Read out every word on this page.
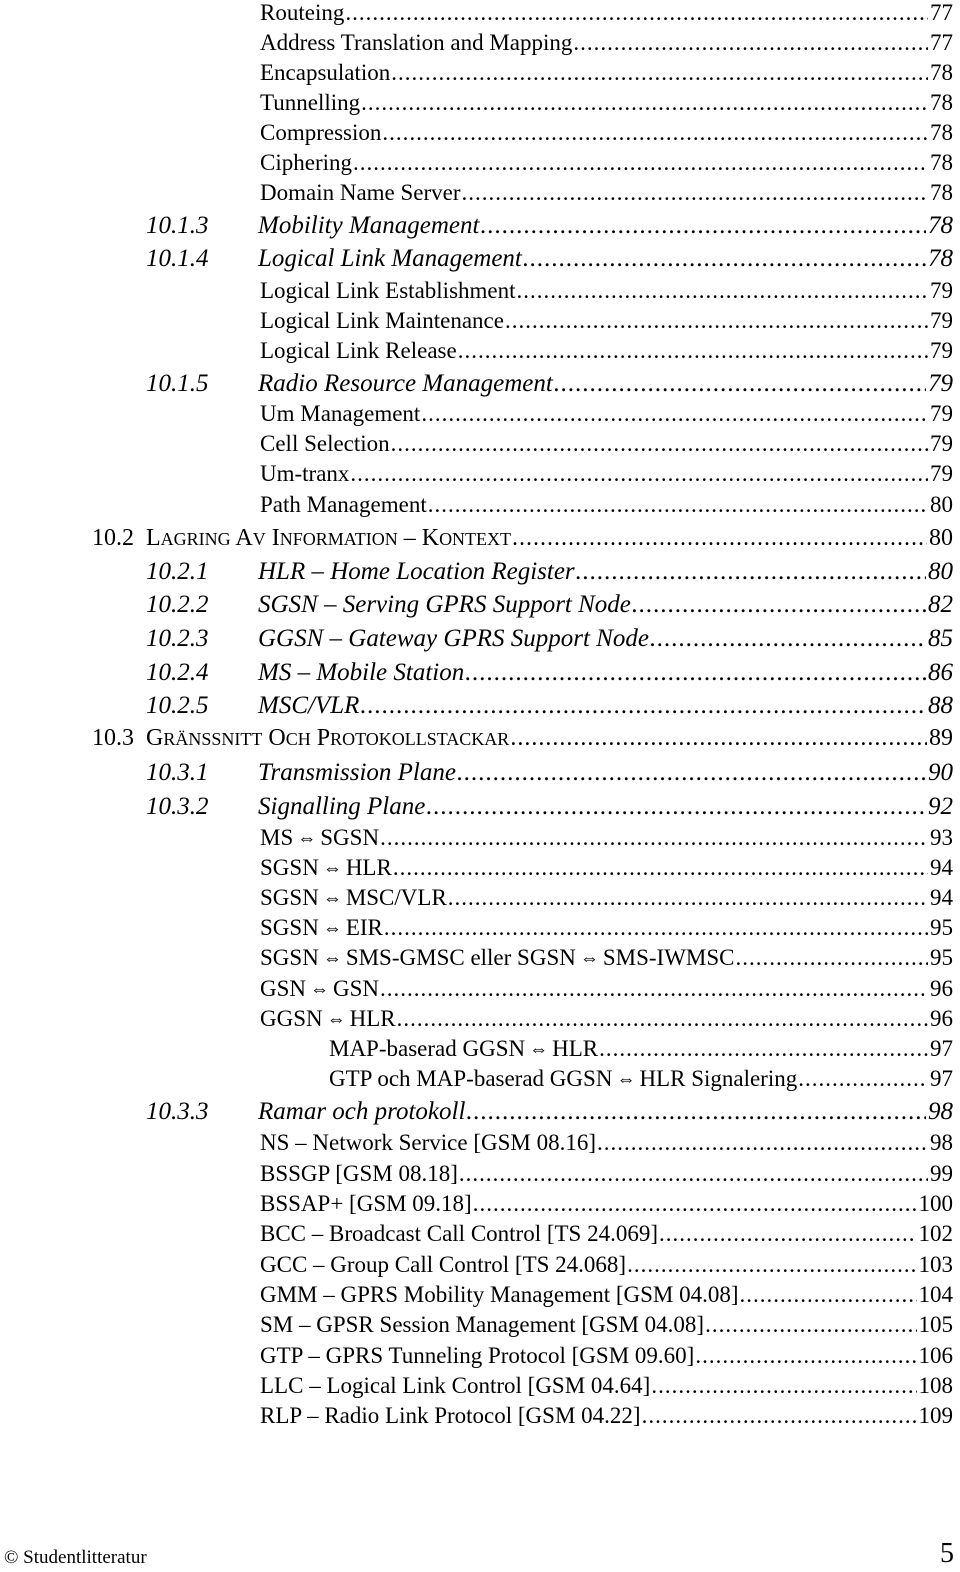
Routeing .....	77
Address Translation and Mapping .....	77
Encapsulation .....	78
Tunnelling .....	78
Compression .....	78
Ciphering .....	78
Domain Name Server .....	78
10.1.3 Mobility Management .....	78
10.1.4 Logical Link Management .....	78
Logical Link Establishment .....	79
Logical Link Maintenance .....	79
Logical Link Release .....	79
10.1.5 Radio Resource Management .....	79
Um Management .....	79
Cell Selection .....	79
Um-tranx .....	79
Path Management .....	80
10.2 LAGRING AV INFORMATION – KONTEXT .....	80
10.2.1 HLR – Home Location Register .....	80
10.2.2 SGSN – Serving GPRS Support Node .....	82
10.2.3 GGSN – Gateway GPRS Support Node .....	85
10.2.4 MS – Mobile Station .....	86
10.2.5 MSC/VLR .....	88
10.3 GRÄNSSNITT OCH PROTOKOLLSTACKAR .....	89
10.3.1 Transmission Plane .....	90
10.3.2 Signalling Plane .....	92
MS ⇔ SGSN .....	93
SGSN ⇔ HLR .....	94
SGSN ⇔ MSC/VLR .....	94
SGSN ⇔ EIR .....	95
SGSN ⇔ SMS-GMSC eller SGSN ⇔ SMS-IWMSC .....	95
GSN ⇔ GSN .....	96
GGSN ⇔ HLR .....	96
MAP-baserad GGSN ⇔ HLR .....	97
GTP och MAP-baserad GGSN ⇔ HLR Signalering .....	97
10.3.3 Ramar och protokoll .....	98
NS – Network Service [GSM 08.16] .....	98
BSSGP [GSM 08.18] .....	99
BSSAP+ [GSM 09.18] .....	100
BCC – Broadcast Call Control [TS 24.069] .....	102
GCC – Group Call Control [TS 24.068] .....	103
GMM – GPRS Mobility Management [GSM 04.08] .....	104
SM – GPSR Session Management [GSM 04.08] .....	105
GTP – GPRS Tunneling Protocol [GSM 09.60] .....	106
LLC – Logical Link Control [GSM 04.64] .....	108
RLP – Radio Link Protocol [GSM 04.22] .....	109
© Studentlitteratur	5
